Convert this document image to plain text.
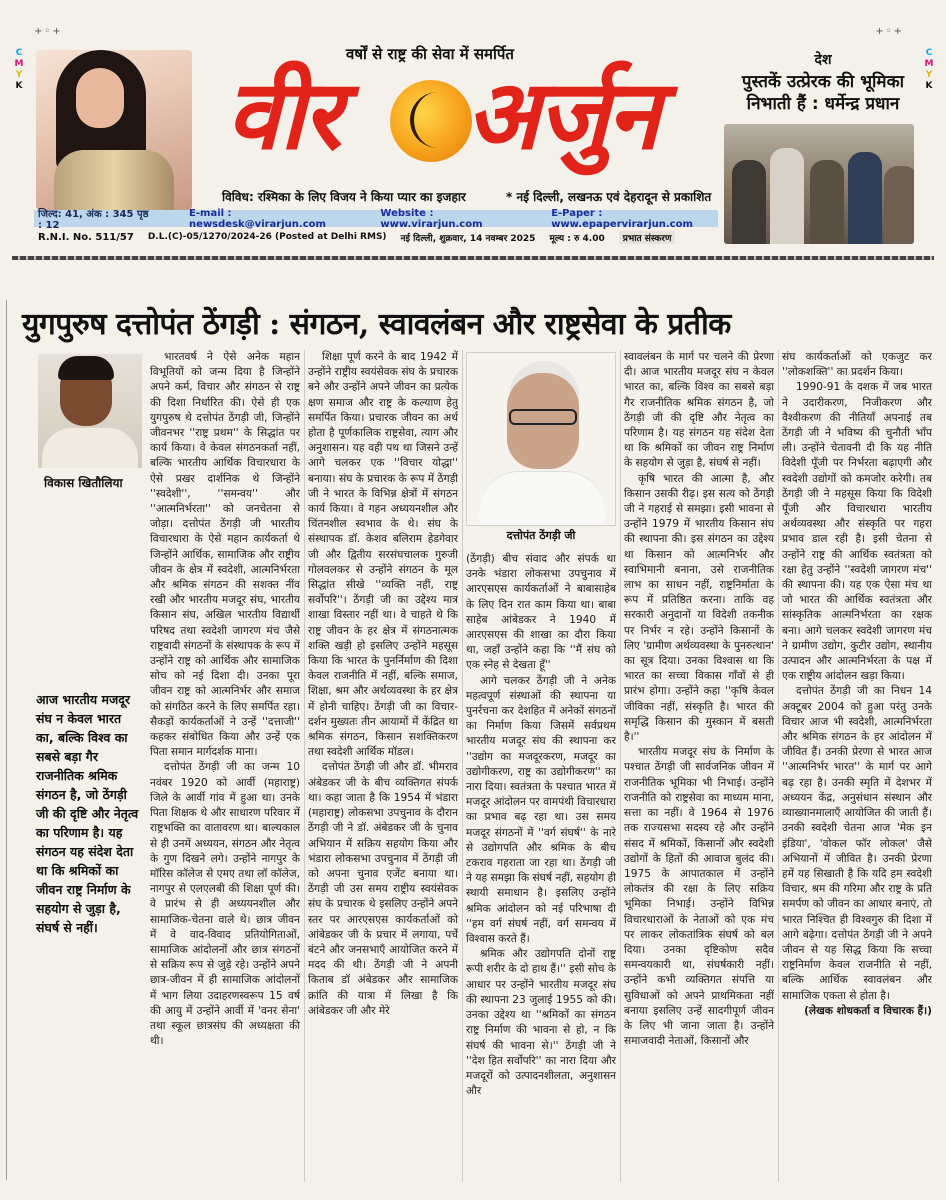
+◦+	+◦+
C
M
Y
K
C
M
Y
K
वर्षों से राष्ट्र की सेवा में समर्पित
वीर अर्जुन	देश
पुस्तकें उत्प्रेरक की भूमिका निभाती हैं : धर्मेन्द्र प्रधान
विविध: रश्मिका के लिए विजय ने किया प्यार का इजहार	* नई दिल्ली, लखनऊ एवं देहरादून से प्रकाशित
जिल्द: 41, अंक : 345 पृष्ठ : 12
E-mail : newsdesk@virarjun.com
Website : www.virarjun.com
E-Paper : www.epapervirarjun.com
R.N.I. No. 511/57 D.L.(C)-05/1270/2024-26 (Posted at Delhi RMS) नई दिल्ली, शुक्रवार, 14 नवम्बर 2025 मूल्य : रु 4.00	प्रभात संस्करण
युगपुरुष दत्तोपंत ठेंगड़ी : संगठन, स्वावलंबन और राष्ट्रसेवा के प्रतीक
विकास खितौलिया
आज भारतीय मजदूर संघ न केवल भारत का, बल्कि विश्व का सबसे बड़ा गैर राजनीतिक श्रमिक संगठन है, जो ठेंगड़ी जी की दृष्टि और नेतृत्व का परिणाम है। यह संगठन यह संदेश देता था कि श्रमिकों का जीवन राष्ट्र निर्माण के सहयोग से जुड़ा है, संघर्ष से नहीं।

भारतवर्ष ने ऐसे अनेक महान विभूतियों को जन्म दिया है जिन्होंने अपने कर्म, विचार और संगठन से राष्ट्र की दिशा निर्धारित की। ऐसे ही एक युगपुरुष थे दत्तोपंत ठेंगड़ी जी, जिन्होंने जीवनभर ''राष्ट्र प्रथम'' के सिद्धांत पर कार्य किया। वे केवल संगठनकर्ता नहीं, बल्कि भारतीय आर्थिक विचारधारा के ऐसे प्रखर दार्शनिक थे जिन्होंने ''स्वदेशी'', ''समन्वय'' और ''आत्मनिर्भरता'' को जनचेतना से जोड़ा। दत्तोपंत ठेंगड़ी जी भारतीय विचारधारा के ऐसे महान कार्यकर्ता थे जिन्होंने आर्थिक, सामाजिक और राष्ट्रीय जीवन के क्षेत्र में स्वदेशी, आत्मनिर्भरता और श्रमिक संगठन की सशक्त नींव रखी और भारतीय मजदूर संघ, भारतीय किसान संघ, अखिल भारतीय विद्यार्थी परिषद तथा स्वदेशी जागरण मंच जैसे राष्ट्रवादी संगठनों के संस्थापक के रूप में उन्होंने राष्ट्र को आर्थिक और सामाजिक सोच को नई दिशा दी। उनका पूरा जीवन राष्ट्र को आत्मनिर्भर और समाज को संगठित करने के लिए समर्पित रहा। सैकड़ों कार्यकर्ताओं ने उन्हें ''दत्ताजी'' कहकर संबोधित किया और उन्हें एक पिता समान मार्गदर्शक माना।

दत्तोपंत ठेंगड़ी जी का जन्म 10 नवंबर 1920 को आर्वी (महाराष्ट्र) जिले के आर्वी गांव में हुआ था। उनके पिता शिक्षक थे और साधारण परिवार में राष्ट्रभक्ति का वातावरण था। बाल्यकाल से ही उनमें अध्ययन, संगठन और नेतृत्व के गुण दिखने लगे। उन्होंने नागपुर के मॉरिस कॉलेज से एमए तथा लॉ कॉलेज, नागपुर से एलएलबी की शिक्षा पूर्ण की। वे प्रारंभ से ही अध्ययनशील और सामाजिक-चेतना वाले थे। छात्र जीवन में वे वाद-विवाद प्रतियोगिताओं, सामाजिक आंदोलनों और छात्र संगठनों से सक्रिय रूप से जुड़े रहे। उन्होंने अपने छात्र-जीवन में ही सामाजिक आंदोलनों में भाग लिया उदाहरणस्वरूप 15 वर्ष की आयु में उन्होंने आर्वी में 'वनर सेना' तथा स्कूल छात्रसंघ की अध्यक्षता की थी।

शिक्षा पूर्ण करने के बाद 1942 में उन्होंने राष्ट्रीय स्वयंसेवक संघ के प्रचारक बने और उन्होंने अपने जीवन का प्रत्येक क्षण समाज और राष्ट्र के कल्याण हेतु समर्पित किया। प्रचारक जीवन का अर्थ होता है पूर्णकालिक राष्ट्रसेवा, त्याग और अनुशासन। यह वही पथ था जिसने उन्हें आगे चलकर एक ''विचार योद्धा'' बनाया। संघ के प्रचारक के रूप में ठेंगड़ी जी ने भारत के विभिन्न क्षेत्रों में संगठन कार्य किया। वे गहन अध्ययनशील और चिंतनशील स्वभाव के थे। संघ के संस्थापक डॉ. केशव बलिराम हेडगेवार जी और द्वितीय सरसंघचालक गुरुजी गोलवलकर से उन्होंने संगठन के मूल सिद्धांत सीखे ''व्यक्ति नहीं, राष्ट्र सर्वोपरि''। ठेंगड़ी जी का उद्देश्य मात्र शाखा विस्तार नहीं था। वे चाहते थे कि राष्ट्र जीवन के हर क्षेत्र में संगठनात्मक शक्ति खड़ी हो इसलिए उन्होंने महसूस किया कि भारत के पुनर्निर्माण की दिशा केवल राजनीति में नहीं, बल्कि समाज, शिक्षा, श्रम और अर्थव्यवस्था के हर क्षेत्र में होनी चाहिए। ठेंगड़ी जी का विचार-दर्शन मुख्यतः तीन आयामों में केंद्रित था श्रमिक संगठन, किसान सशक्तिकरण तथा स्वदेशी आर्थिक मॉडल।

दत्तोपंत ठेंगड़ी जी और डॉ. भीमराव अंबेडकर जी के बीच व्यक्तिगत संपर्क था। कहा जाता है कि 1954 में भंडारा (महाराष्ट्र) लोकसभा उपचुनाव के दौरान ठेंगड़ी जी ने डॉ. अंबेडकर जी के चुनाव अभियान में सक्रिय सहयोग किया और भंडारा लोकसभा उपचुनाव में ठेंगड़ी जी को अपना चुनाव एजेंट बनाया था। ठेंगड़ी जी उस समय राष्ट्रीय स्वयंसेवक संघ के प्रचारक थे इसलिए उन्होंने अपने स्तर पर आरएसएस कार्यकर्ताओं को आंबेडकर जी के प्रचार में लगाया, पर्चे बंटने और जनसभाएँ आयोजित करने में मदद की थी। ठेंगड़ी जी ने अपनी किताब डॉ अंबेडकर और सामाजिक क्रांति की यात्रा में लिखा है कि आंबेडकर जी और मेरे

दत्तोपंत ठेंगड़ी जी

(ठेंगड़ी) बीच संवाद और संपर्क था उनके भंडारा लोकसभा उपचुनाव में आरएसएस कार्यकर्ताओं ने बाबासाहेब के लिए दिन रात काम किया था। बाबा साहेब आंबेडकर ने 1940 में आरएसएस की शाखा का दौरा किया था, जहाँ उन्होंने कहा कि ''मैं संघ को एक स्नेह से देखता हूँ''

आगे चलकर ठेंगड़ी जी ने अनेक महत्वपूर्ण संस्थाओं की स्थापना या पुनर्रचना कर देशहित में अनेकों संगठनों का निर्माण किया जिसमें सर्वप्रथम भारतीय मजदूर संघ की स्थापना कर ''उद्योग का मजदूरकरण, मजदूर का उद्योगीकरण, राष्ट्र का उद्योगीकरण'' का नारा दिया। स्वतंत्रता के पश्चात भारत में मजदूर आंदोलन पर वामपंथी विचारधारा का प्रभाव बढ़ रहा था। उस समय मजदूर संगठनों में ''वर्ग संघर्ष'' के नारे से उद्योगपति और श्रमिक के बीच टकराव गहराता जा रहा था। ठेंगड़ी जी ने यह समझा कि संघर्ष नहीं, सहयोग ही स्थायी समाधान है। इसलिए उन्होंने श्रमिक आंदोलन को नई परिभाषा दी ''हम वर्ग संघर्ष नहीं, वर्ग समन्वय में विश्वास करते हैं।

श्रमिक और उद्योगपति दोनों राष्ट्र रूपी शरीर के दो हाथ हैं।'' इसी सोच के आधार पर उन्होंने भारतीय मजदूर संघ की स्थापना 23 जुलाई 1955 को की। उनका उद्देश्य था ''श्रमिकों का संगठन राष्ट्र निर्माण की भावना से हो, न कि संघर्ष की भावना से।'' ठेंगड़ी जी ने ''देश हित सर्वोपरि'' का नारा दिया और मजदूरों को उत्पादनशीलता, अनुशासन और

स्वावलंबन के मार्ग पर चलने की प्रेरणा दी। आज भारतीय मजदूर संघ न केवल भारत का, बल्कि विश्व का सबसे बड़ा गैर राजनीतिक श्रमिक संगठन है, जो ठेंगड़ी जी की दृष्टि और नेतृत्व का परिणाम है। यह संगठन यह संदेश देता था कि श्रमिकों का जीवन राष्ट्र निर्माण के सहयोग से जुड़ा है, संघर्ष से नहीं।

कृषि भारत की आत्मा है, और किसान उसकी रीढ़। इस सत्य को ठेंगड़ी जी ने गहराई से समझा। इसी भावना से उन्होंने 1979 में भारतीय किसान संघ की स्थापना की। इस संगठन का उद्देश्य था किसान को आत्मनिर्भर और स्वाभिमानी बनाना, उसे राजनीतिक लाभ का साधन नहीं, राष्ट्रनिर्माता के रूप में प्रतिष्ठित करना। ताकि वह सरकारी अनुदानों या विदेशी तकनीक पर निर्भर न रहे। उन्होंने किसानों के लिए 'ग्रामीण अर्थव्यवस्था के पुनरुत्थान' का सूत्र दिया। उनका विश्वास था कि भारत का सच्चा विकास गाँवों से ही प्रारंभ होगा। उन्होंने कहा ''कृषि केवल जीविका नहीं, संस्कृति है। भारत की समृद्धि किसान की मुस्कान में बसती है।''

भारतीय मजदूर संघ के निर्माण के पश्चात ठेंगड़ी जी सार्वजनिक जीवन में राजनीतिक भूमिका भी निभाई। उन्होंने राजनीति को राष्ट्रसेवा का माध्यम माना, सत्ता का नहीं। वे 1964 से 1976 तक राज्यसभा सदस्य रहे और उन्होंने संसद में श्रमिकों, किसानों और स्वदेशी उद्योगों के हितों की आवाज बुलंद की। 1975 के आपातकाल में उन्होंने लोकतंत्र की रक्षा के लिए सक्रिय भूमिका निभाई। उन्होंने विभिन्न विचारधाराओं के नेताओं को एक मंच पर लाकर लोकतांत्रिक संघर्ष को बल दिया। उनका दृष्टिकोण सदैव समन्वयकारी था, संघर्षकारी नहीं। उन्होंने कभी व्यक्तिगत संपत्ति या सुविधाओं को अपने प्राथमिकता नहीं बनाया इसलिए उन्हें सादगीपूर्ण जीवन के लिए भी जाना जाता है। उन्होंने समाजवादी नेताओं, किसानों और

संघ कार्यकर्ताओं को एकजुट कर ''लोकशक्ति'' का प्रदर्शन किया।

1990-91 के दशक में जब भारत ने उदारीकरण, निजीकरण और वैश्वीकरण की नीतियाँ अपनाई तब ठेंगड़ी जी ने भविष्य की चुनौती भाँप ली। उन्होंने चेतावनी दी कि यह नीति विदेशी पूँजी पर निर्भरता बढ़ाएगी और स्वदेशी उद्योगों को कमजोर करेगी। तब ठेंगड़ी जी ने महसूस किया कि विदेशी पूँजी और विचारधारा भारतीय अर्थव्यवस्था और संस्कृति पर गहरा प्रभाव डाल रही है। इसी चेतना से उन्होंने राष्ट्र की आर्थिक स्वतंत्रता को रक्षा हेतु उन्होंने ''स्वदेशी जागरण मंच'' की स्थापना की। यह एक ऐसा मंच था जो भारत की आर्थिक स्वतंत्रता और सांस्कृतिक आत्मनिर्भरता का रक्षक बना। आगे चलकर स्वदेशी जागरण मंच ने ग्रामीण उद्योग, कुटीर उद्योग, स्थानीय उत्पादन और आत्मनिर्भरता के पक्ष में एक राष्ट्रीय आंदोलन खड़ा किया।

दत्तोपंत ठेंगड़ी जी का निधन 14 अक्टूबर 2004 को हुआ परंतु उनके विचार आज भी स्वदेशी, आत्मनिर्भरता और श्रमिक संगठन के हर आंदोलन में जीवित हैं। उनकी प्रेरणा से भारत आज ''आत्मनिर्भर भारत'' के मार्ग पर आगे बढ़ रहा है। उनकी स्मृति में देशभर में अध्ययन केंद्र, अनुसंधान संस्थान और व्याख्यानमालाएँ आयोजित की जाती हैं। उनकी स्वदेशी चेतना आज 'मेक इन इंडिया', 'वोकल फॉर लोकल' जैसे अभियानों में जीवित है। उनकी प्रेरणा हमें यह सिखाती है कि यदि हम स्वदेशी विचार, श्रम की गरिमा और राष्ट्र के प्रति समर्पण को जीवन का आधार बनाएं, तो भारत निश्चित ही विश्वगुरु की दिशा में आगे बढ़ेगा। दत्तोपंत ठेंगड़ी जी ने अपने जीवन से यह सिद्ध किया कि सच्चा राष्ट्रनिर्माण केवल राजनीति से नहीं, बल्कि आर्थिक स्वावलंबन और सामाजिक एकता से होता है।

(लेखक शोधकर्ता व विचारक हैं।)
